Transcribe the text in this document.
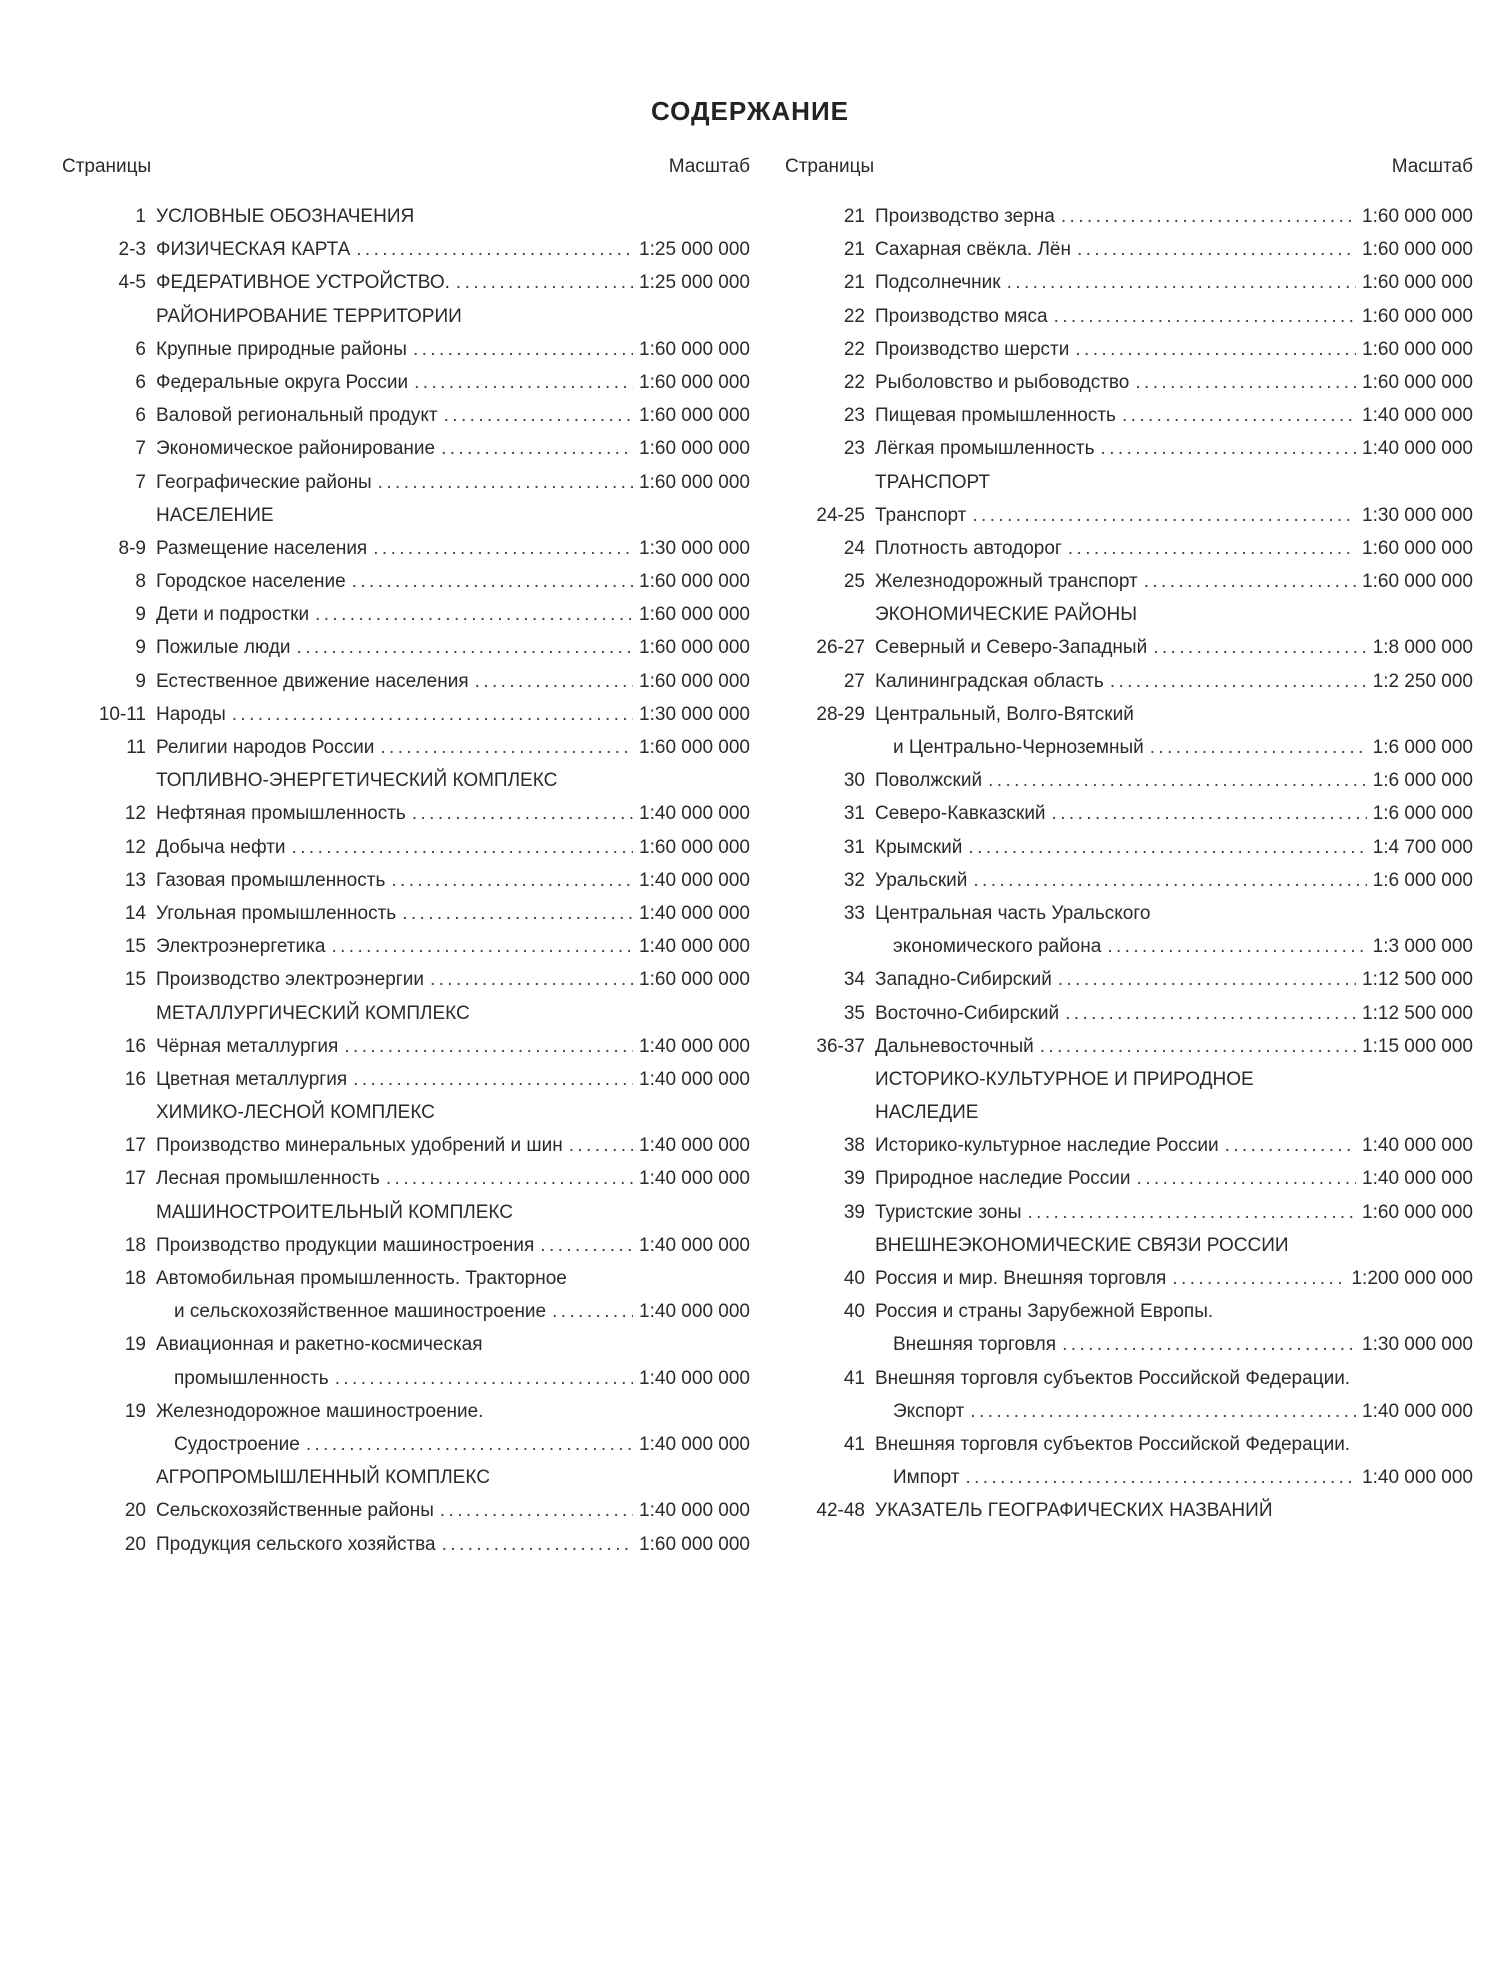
СОДЕРЖАНИЕ
Страницы	Масштаб
1 УСЛОВНЫЕ ОБОЗНАЧЕНИЯ
2-3 ФИЗИЧЕСКАЯ КАРТА .....	1:25 000 000
4-5 ФЕДЕРАТИВНОЕ УСТРОЙСТВО. .....	1:25 000 000
РАЙОНИРОВАНИЕ ТЕРРИТОРИИ
6 Крупные природные районы .....	1:60 000 000
6 Федеральные округа России .....	1:60 000 000
6 Валовой региональный продукт .....	1:60 000 000
7 Экономическое районирование .....	1:60 000 000
7 Географические районы .....	1:60 000 000
НАСЕЛЕНИЕ
8-9 Размещение населения .....	1:30 000 000
8 Городское население .....	1:60 000 000
9 Дети и подростки .....	1:60 000 000
9 Пожилые люди .....	1:60 000 000
9 Естественное движение населения .....	1:60 000 000
10-11 Народы .....	1:30 000 000
11 Религии народов России .....	1:60 000 000
ТОПЛИВНО-ЭНЕРГЕТИЧЕСКИЙ КОМПЛЕКС
12 Нефтяная промышленность .....	1:40 000 000
12 Добыча нефти .....	1:60 000 000
13 Газовая промышленность .....	1:40 000 000
14 Угольная промышленность .....	1:40 000 000
15 Электроэнергетика .....	1:40 000 000
15 Производство электроэнергии .....	1:60 000 000
МЕТАЛЛУРГИЧЕСКИЙ КОМПЛЕКС
16 Чёрная металлургия .....	1:40 000 000
16 Цветная металлургия .....	1:40 000 000
ХИМИКО-ЛЕСНОЙ КОМПЛЕКС
17 Производство минеральных удобрений и шин .....	1:40 000 000
17 Лесная промышленность .....	1:40 000 000
МАШИНОСТРОИТЕЛЬНЫЙ КОМПЛЕКС
18 Производство продукции машиностроения .....	1:40 000 000
18 Автомобильная промышленность. Тракторное
и сельскохозяйственное машиностроение .....	1:40 000 000
19 Авиационная и ракетно-космическая
промышленность .....	1:40 000 000
19 Железнодорожное машиностроение.
Судостроение .....	1:40 000 000
АГРОПРОМЫШЛЕННЫЙ КОМПЛЕКС
20 Сельскохозяйственные районы .....	1:40 000 000
20 Продукция сельского хозяйства .....	1:60 000 000
Страницы	Масштаб
21 Производство зерна .....	1:60 000 000
21 Сахарная свёкла. Лён .....	1:60 000 000
21 Подсолнечник .....	1:60 000 000
22 Производство мяса .....	1:60 000 000
22 Производство шерсти .....	1:60 000 000
22 Рыболовство и рыбоводство .....	1:60 000 000
23 Пищевая промышленность .....	1:40 000 000
23 Лёгкая промышленность .....	1:40 000 000
ТРАНСПОРТ
24-25 Транспорт .....	1:30 000 000
24 Плотность автодорог .....	1:60 000 000
25 Железнодорожный транспорт .....	1:60 000 000
ЭКОНОМИЧЕСКИЕ РАЙОНЫ
26-27 Северный и Северо-Западный .....	1:8 000 000
27 Калининградская область .....	1:2 250 000
28-29 Центральный, Волго-Вятский
и Центрально-Черноземный .....	1:6 000 000
30 Поволжский .....	1:6 000 000
31 Северо-Кавказский .....	1:6 000 000
31 Крымский .....	1:4 700 000
32 Уральский .....	1:6 000 000
33 Центральная часть Уральского
экономического района .....	1:3 000 000
34 Западно-Сибирский .....	1:12 500 000
35 Восточно-Сибирский .....	1:12 500 000
36-37 Дальневосточный .....	1:15 000 000
ИСТОРИКО-КУЛЬТУРНОЕ И ПРИРОДНОЕ
НАСЛЕДИЕ
38 Историко-культурное наследие России .....	1:40 000 000
39 Природное наследие России .....	1:40 000 000
39 Туристские зоны .....	1:60 000 000
ВНЕШНЕЭКОНОМИЧЕСКИЕ СВЯЗИ РОССИИ
40 Россия и мир. Внешняя торговля .....	1:200 000 000
40 Россия и страны Зарубежной Европы.
Внешняя торговля .....	1:30 000 000
41 Внешняя торговля субъектов Российской Федерации.
Экспорт .....	1:40 000 000
41 Внешняя торговля субъектов Российской Федерации.
Импорт .....	1:40 000 000
42-48 УКАЗАТЕЛЬ ГЕОГРАФИЧЕСКИХ НАЗВАНИЙ
